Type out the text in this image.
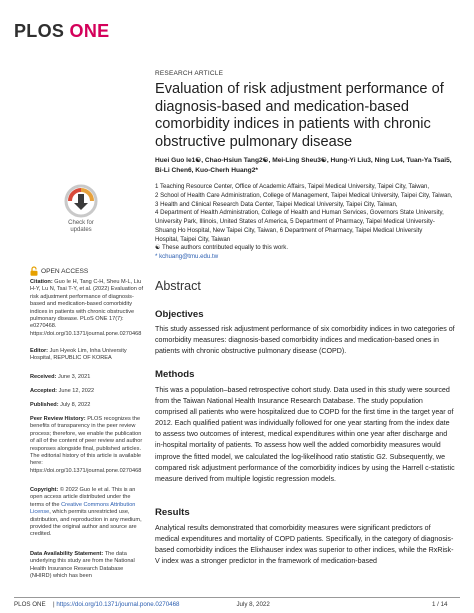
PLOS ONE
RESEARCH ARTICLE
Evaluation of risk adjustment performance of diagnosis-based and medication-based comorbidity indices in patients with chronic obstructive pulmonary disease
Huei Guo Ie1☯, Chao-Hsiun Tang2☯, Mei-Ling Sheu3☯, Hung-Yi Liu3, Ning Lu4, Tuan-Ya Tsai5, Bi-Li Chen6, Kuo-Cherh Huang2*
1 Teaching Resource Center, Office of Academic Affairs, Taipei Medical University, Taipei City, Taiwan,
2 School of Health Care Administration, College of Management, Taipei Medical University, Taipei City, Taiwan,
3 Health and Clinical Research Data Center, Taipei Medical University, Taipei City, Taiwan,
4 Department of Health Administration, College of Health and Human Services, Governors State University,
University Park, Illinois, United States of America, 5 Department of Pharmacy, Taipei Medical University-
Shuang Ho Hospital, New Taipei City, Taiwan, 6 Department of Pharmacy, Taipei Medical University
Hospital, Taipei City, Taiwan
☯ These authors contributed equally to this work.
* kchuang@tmu.edu.tw
Abstract
Objectives
This study assessed risk adjustment performance of six comorbidity indices in two categories of comorbidity measures: diagnosis-based comorbidity indices and medication-based ones in patients with chronic obstructive pulmonary disease (COPD).
Methods
This was a population–based retrospective cohort study. Data used in this study were sourced from the Taiwan National Health Insurance Research Database. The study population comprised all patients who were hospitalized due to COPD for the first time in the target year of 2012. Each qualified patient was individually followed for one year starting from the index date to assess two outcomes of interest, medical expenditures within one year after discharge and in-hospital mortality of patients. To assess how well the added comorbidity measures would improve the fitted model, we calculated the log-likelihood ratio statistic G2. Subsequently, we compared risk adjustment performance of the comorbidity indices by using the Harrell c-statistic measure derived from multiple logistic regression models.
Results
Analytical results demonstrated that comorbidity measures were significant predictors of medical expenditures and mortality of COPD patients. Specifically, in the category of diagnosis-based comorbidity indices the Elixhauser index was superior to other indices, while the RxRisk-V index was a stronger predictor in the framework of medication-based
Check for updates
OPEN ACCESS
Citation: Guo Ie H, Tang C-H, Sheu M-L, Liu H-Y, Lu N, Tsai T-Y, et al. (2022) Evaluation of risk adjustment performance of diagnosis-based and medication-based comorbidity indices in patients with chronic obstructive pulmonary disease. PLoS ONE 17(7): e0270468. https://doi.org/10.1371/journal.pone.0270468
Editor: Jun Hyeok Lim, Inha University Hospital, REPUBLIC OF KOREA
Received: June 3, 2021
Accepted: June 12, 2022
Published: July 8, 2022
Peer Review History: PLOS recognizes the benefits of transparency in the peer review process; therefore, we enable the publication of all of the content of peer review and author responses alongside final, published articles. The editorial history of this article is available here: https://doi.org/10.1371/journal.pone.0270468
Copyright: © 2022 Guo Ie et al. This is an open access article distributed under the terms of the Creative Commons Attribution License, which permits unrestricted use, distribution, and reproduction in any medium, provided the original author and source are credited.
Data Availability Statement: The data underlying this study are from the National Health Insurance Research Database (NHIRD) which has been
PLOS ONE | https://doi.org/10.1371/journal.pone.0270468	July 8, 2022	1 / 14
